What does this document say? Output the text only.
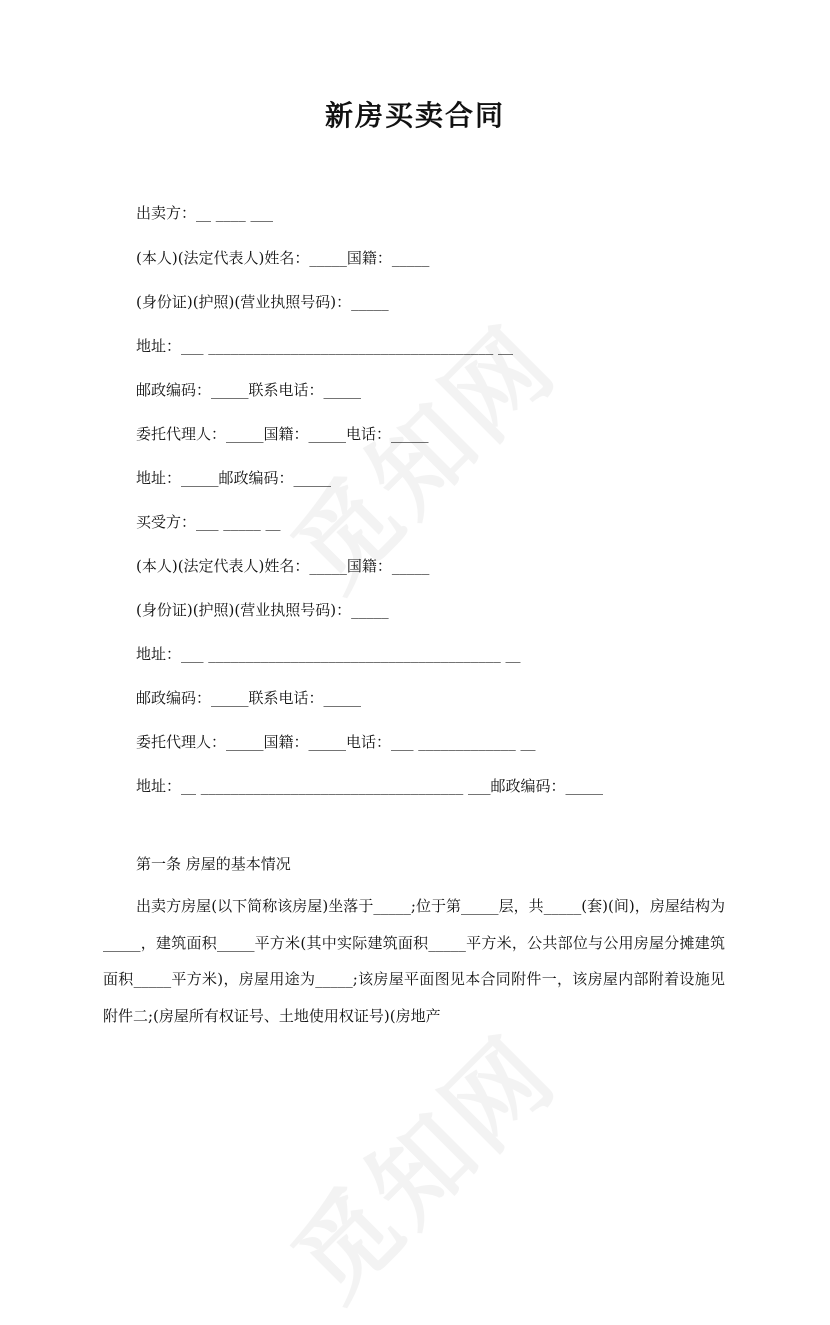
新房买卖合同
出卖方：__ ____ ___
(本人)(法定代表人)姓名：_____国籍：_____
(身份证)(护照)(营业执照号码)：_____
地址：___ ______________________________________ __
邮政编码：_____联系电话：_____
委托代理人：_____国籍：_____电话：_____
地址：_____邮政编码：_____
买受方：___ _____ __
(本人)(法定代表人)姓名：_____国籍：_____
(身份证)(护照)(营业执照号码)：_____
地址：___ _______________________________________ __
邮政编码：_____联系电话：_____
委托代理人：_____国籍：_____电话：___ _____________ __
地址：__ ___________________________________ ___邮政编码：_____
第一条 房屋的基本情况
出卖方房屋(以下简称该房屋)坐落于_____;位于第_____层，共_____(套)(间)，房屋结构为_____，建筑面积_____平方米(其中实际建筑面积_____平方米，公共部位与公用房屋分摊建筑面积_____平方米)，房屋用途为_____;该房屋平面图见本合同附件一，该房屋内部附着设施见附件二;(房屋所有权证号、土地使用权证号)(房地产
